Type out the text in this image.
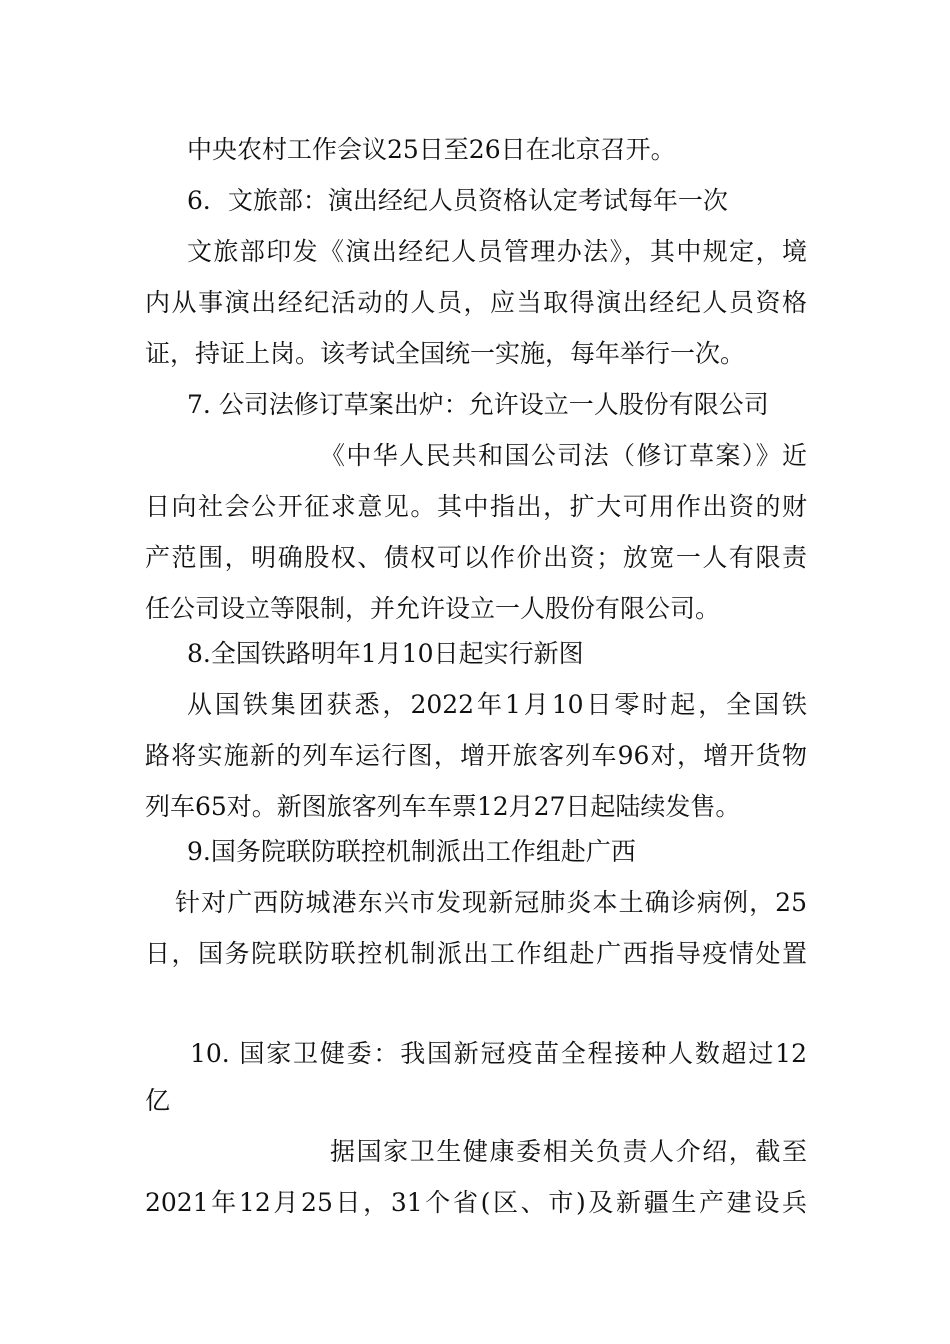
中央农村工作会议25日至26日在北京召开。

6．文旅部：演出经纪人员资格认定考试每年一次

文旅部印发《演出经纪人员管理办法》，其中规定，境

内从事演出经纪活动的人员，应当取得演出经纪人员资格

证，持证上岗。该考试全国统一实施，每年举行一次。

7. 公司法修订草案出炉：允许设立一人股份有限公司

《中华人民共和国公司法（修订草案）》近

日向社会公开征求意见。其中指出，扩大可用作出资的财

产范围，明确股权、债权可以作价出资；放宽一人有限责

任公司设立等限制，并允许设立一人股份有限公司。

8.全国铁路明年1月10日起实行新图

从国铁集团获悉，2022年1月10日零时起，全国铁

路将实施新的列车运行图，增开旅客列车96对，增开货物

列车65对。新图旅客列车车票12月27日起陆续发售。

9.国务院联防联控机制派出工作组赴广西

针对广西防城港东兴市发现新冠肺炎本土确诊病例，25

日，国务院联防联控机制派出工作组赴广西指导疫情处置

10. 国家卫健委：我国新冠疫苗全程接种人数超过12

亿

据国家卫生健康委相关负责人介绍，截至

2021年12月25日，31个省(区、市)及新疆生产建设兵
